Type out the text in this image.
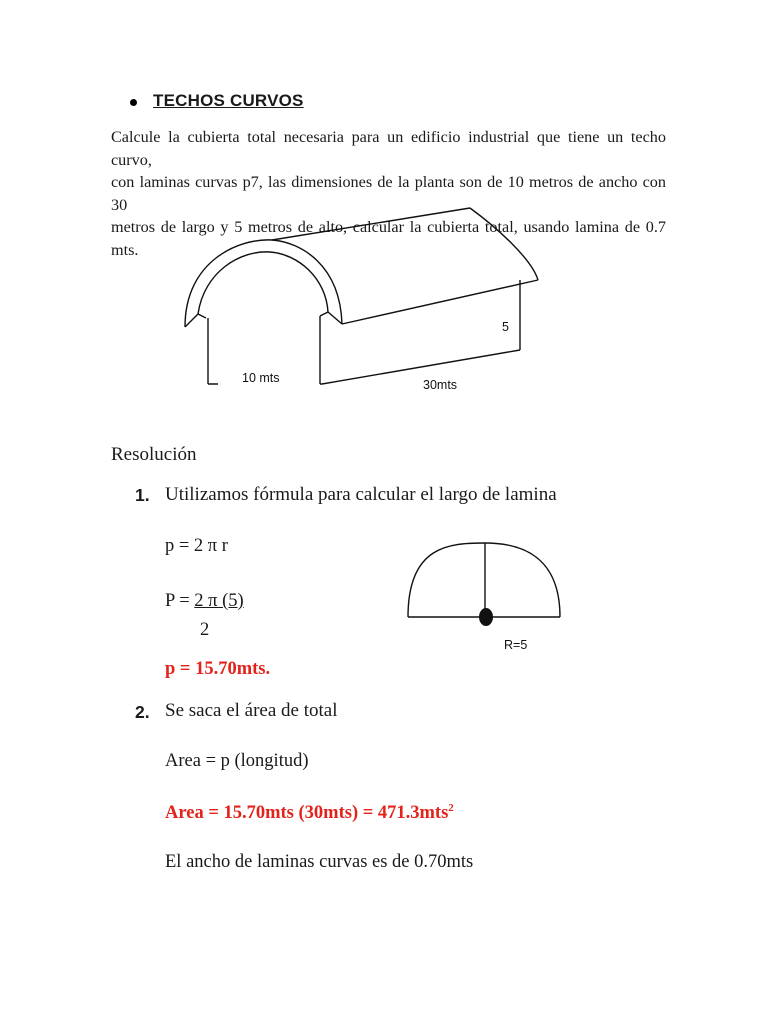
TECHOS CURVOS

Calcule la cubierta total necesaria para un edificio industrial que tiene un techo curvo,

con laminas curvas p7, las dimensiones de la planta son de 10 metros de ancho con 30

metros de largo y 5 metros de alto, calcular la cubierta total, usando lamina de 0.7 mts.

10 mts	30mts
5
Resolución
1. Utilizamos fórmula para calcular el largo de lamina
p = 2 π r
P = 2 π (5)
2
p = 15.70mts.
R=5
2. Se saca el área de total
Area = p (longitud)
Area = 15.70mts (30mts) = 471.3mts$^2$
El ancho de laminas curvas es de 0.70mts
